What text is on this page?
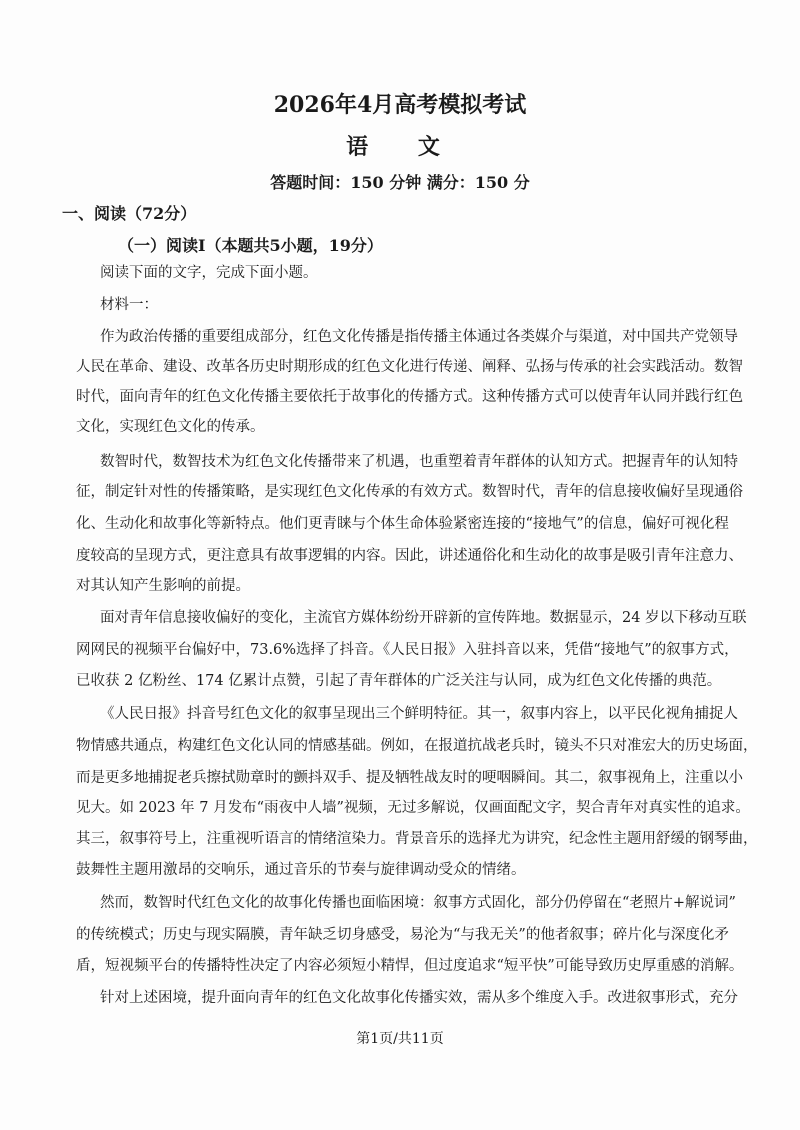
2026年4月高考模拟考试
语 文
答题时间：150 分钟 满分：150 分
一、阅读（72分）
（一）阅读Ⅰ（本题共5小题，19分）
阅读下面的文字，完成下面小题。
材料一：
作为政治传播的重要组成部分，红色文化传播是指传播主体通过各类媒介与渠道，对中国共产党领导
人民在革命、建设、改革各历史时期形成的红色文化进行传递、阐释、弘扬与传承的社会实践活动。数智
时代，面向青年的红色文化传播主要依托于故事化的传播方式。这种传播方式可以使青年认同并践行红色
文化，实现红色文化的传承。
数智时代，数智技术为红色文化传播带来了机遇，也重塑着青年群体的认知方式。把握青年的认知特
征，制定针对性的传播策略，是实现红色文化传承的有效方式。数智时代，青年的信息接收偏好呈现通俗
化、生动化和故事化等新特点。他们更青睐与个体生命体验紧密连接的“接地气”的信息，偏好可视化程
度较高的呈现方式，更注意具有故事逻辑的内容。因此，讲述通俗化和生动化的故事是吸引青年注意力、
对其认知产生影响的前提。
面对青年信息接收偏好的变化，主流官方媒体纷纷开辟新的宣传阵地。数据显示，24 岁以下移动互联
网网民的视频平台偏好中，73.6%选择了抖音。《人民日报》入驻抖音以来，凭借“接地气”的叙事方式，
已收获 2 亿粉丝、174 亿累计点赞，引起了青年群体的广泛关注与认同，成为红色文化传播的典范。
《人民日报》抖音号红色文化的叙事呈现出三个鲜明特征。其一，叙事内容上，以平民化视角捕捉人
物情感共通点，构建红色文化认同的情感基础。例如，在报道抗战老兵时，镜头不只对准宏大的历史场面，
而是更多地捕捉老兵擦拭勋章时的颤抖双手、提及牺牲战友时的哽咽瞬间。其二，叙事视角上，注重以小
见大。如 2023 年 7 月发布“雨夜中人墙”视频，无过多解说，仅画面配文字，契合青年对真实性的追求。
其三，叙事符号上，注重视听语言的情绪渲染力。背景音乐的选择尤为讲究，纪念性主题用舒缓的钢琴曲，
鼓舞性主题用激昂的交响乐，通过音乐的节奏与旋律调动受众的情绪。
然而，数智时代红色文化的故事化传播也面临困境：叙事方式固化，部分仍停留在“老照片+解说词”
的传统模式；历史与现实隔膜，青年缺乏切身感受，易沦为“与我无关”的他者叙事；碎片化与深度化矛
盾，短视频平台的传播特性决定了内容必须短小精悍，但过度追求“短平快”可能导致历史厚重感的消解。
针对上述困境，提升面向青年的红色文化故事化传播实效，需从多个维度入手。改进叙事形式，充分
第1页/共11页
